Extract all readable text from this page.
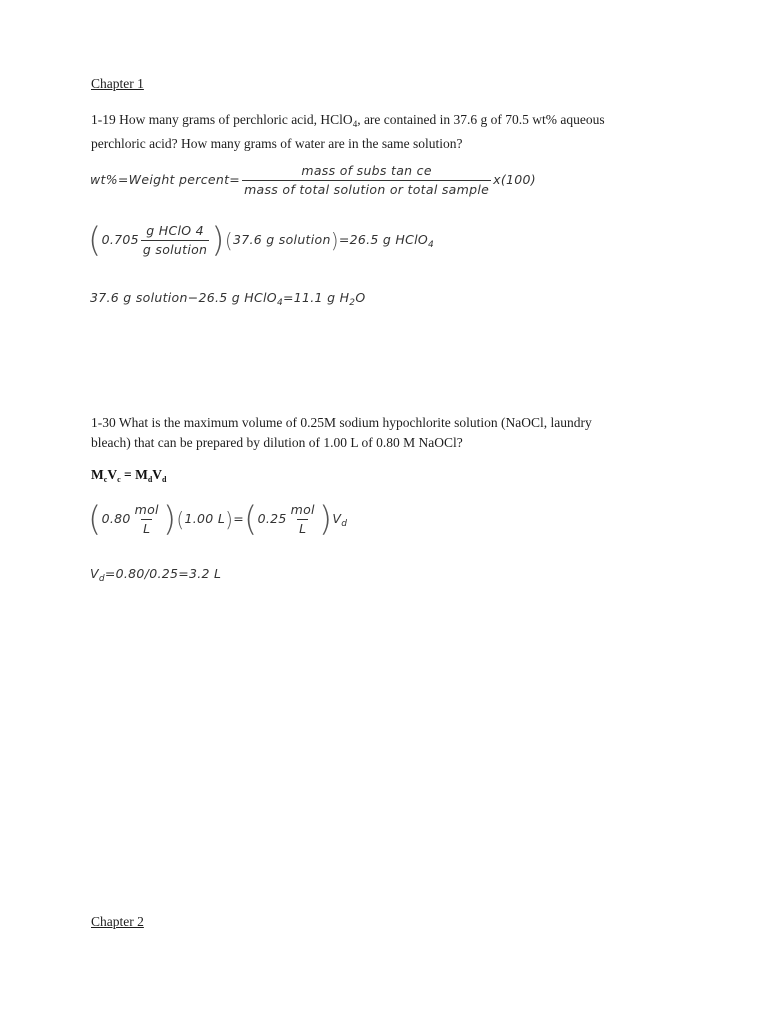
Chapter 1
1-19 How many grams of perchloric acid, HClO$_4$, are contained in 37.6 g of 70.5 wt% aqueous
perchloric acid? How many grams of water are in the same solution?
wt%=Weight percent= $\frac{\text{mass of subs tan ce}}{\text{mass of total solution or total sample}} x(100)$
$(0.705 \frac{\text{g HClO 4}}{\text{g solution}} )(37.6$ g solution)=26.5 g HClO$_4$
37.6 g solution−26.5 g HClO$_4$=11.1 g $H_2O$
1-30 What is the maximum volume of 0.25M sodium hypochlorite solution (NaOCl, laundry
bleach) that can be prepared by dilution of 1.00 L of 0.80 M NaOCl?
$M_cV_c = M_dV_d$
$(0.80 \frac{\text{mol}}{L} )(1.00$ $L)=(0.25 \frac{\text{mol}}{L} )V_d$
$V_d=0.80/0.25=3.2$ L
Chapter 2
